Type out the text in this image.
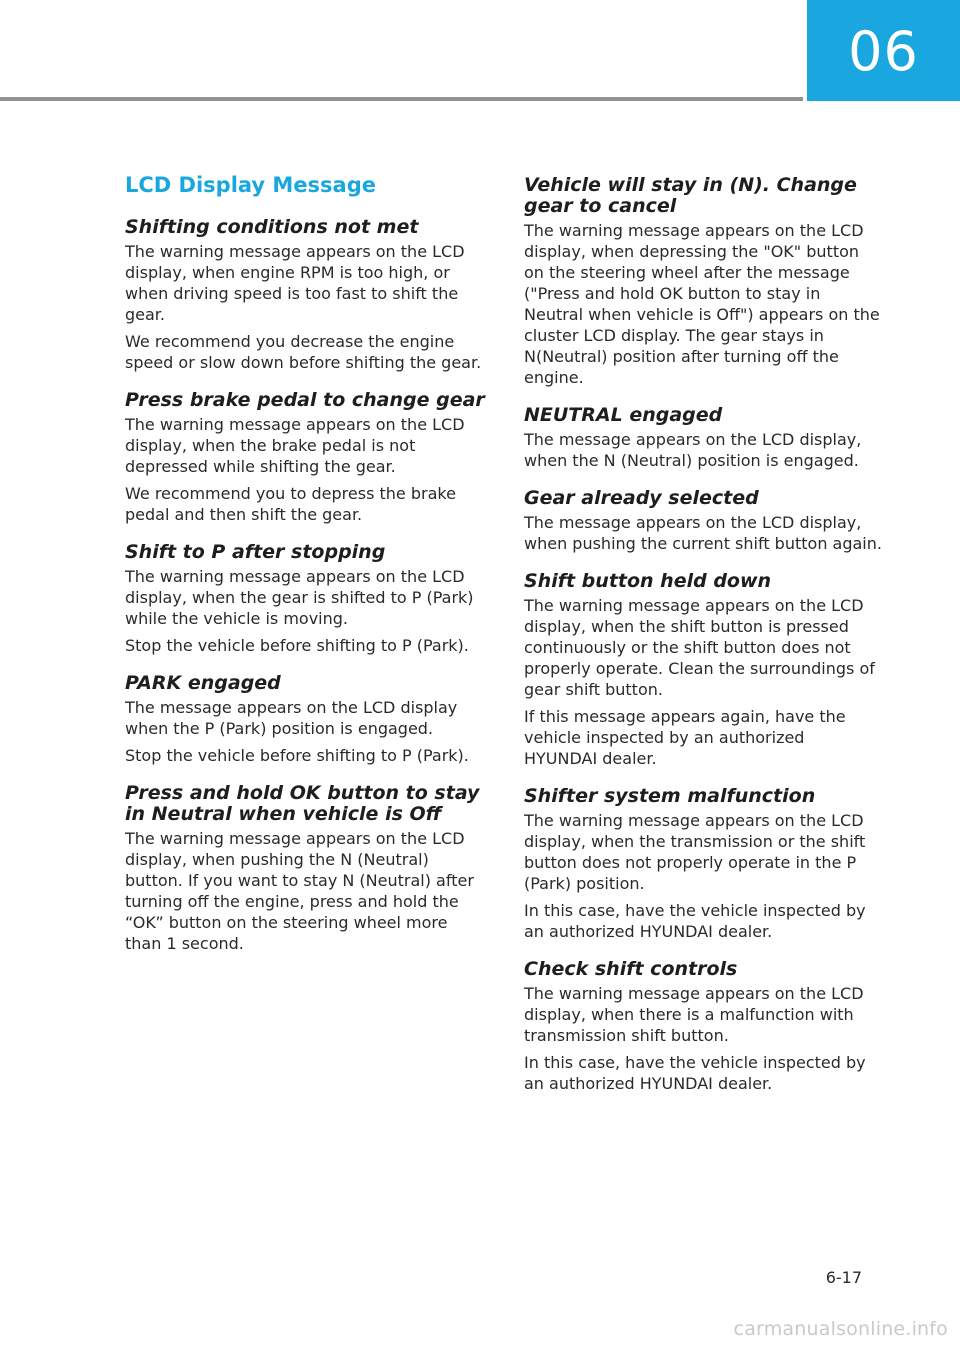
06
LCD Display Message
Shifting conditions not met
The warning message appears on the LCD display, when engine RPM is too high, or when driving speed is too fast to shift the gear.
We recommend you decrease the engine speed or slow down before shifting the gear.
Press brake pedal to change gear
The warning message appears on the LCD display, when the brake pedal is not depressed while shifting the gear.
We recommend you to depress the brake pedal and then shift the gear.
Shift to P after stopping
The warning message appears on the LCD display, when the gear is shifted to P (Park) while the vehicle is moving.
Stop the vehicle before shifting to P (Park).
PARK engaged
The message appears on the LCD display when the P (Park) position is engaged.
Stop the vehicle before shifting to P (Park).
Press and hold OK button to stay in Neutral when vehicle is Off
The warning message appears on the LCD display, when pushing the N (Neutral) button. If you want to stay N (Neutral) after turning off the engine, press and hold the “OK” button on the steering wheel more than 1 second.
Vehicle will stay in (N). Change gear to cancel
The warning message appears on the LCD display, when depressing the "OK" button on the steering wheel after the message ("Press and hold OK button to stay in Neutral when vehicle is Off") appears on the cluster LCD display. The gear stays in N(Neutral) position after turning off the engine.
NEUTRAL engaged
The message appears on the LCD display, when the N (Neutral) position is engaged.
Gear already selected
The message appears on the LCD display, when pushing the current shift button again.
Shift button held down
The warning message appears on the LCD display, when the shift button is pressed continuously or the shift button does not properly operate. Clean the surroundings of gear shift button.
If this message appears again, have the vehicle inspected by an authorized HYUNDAI dealer.
Shifter system malfunction
The warning message appears on the LCD display, when the transmission or the shift button does not properly operate in the P (Park) position.
In this case, have the vehicle inspected by an authorized HYUNDAI dealer.
Check shift controls
The warning message appears on the LCD display, when there is a malfunction with transmission shift button.
In this case, have the vehicle inspected by an authorized HYUNDAI dealer.
6-17
carmanualsonline.info
